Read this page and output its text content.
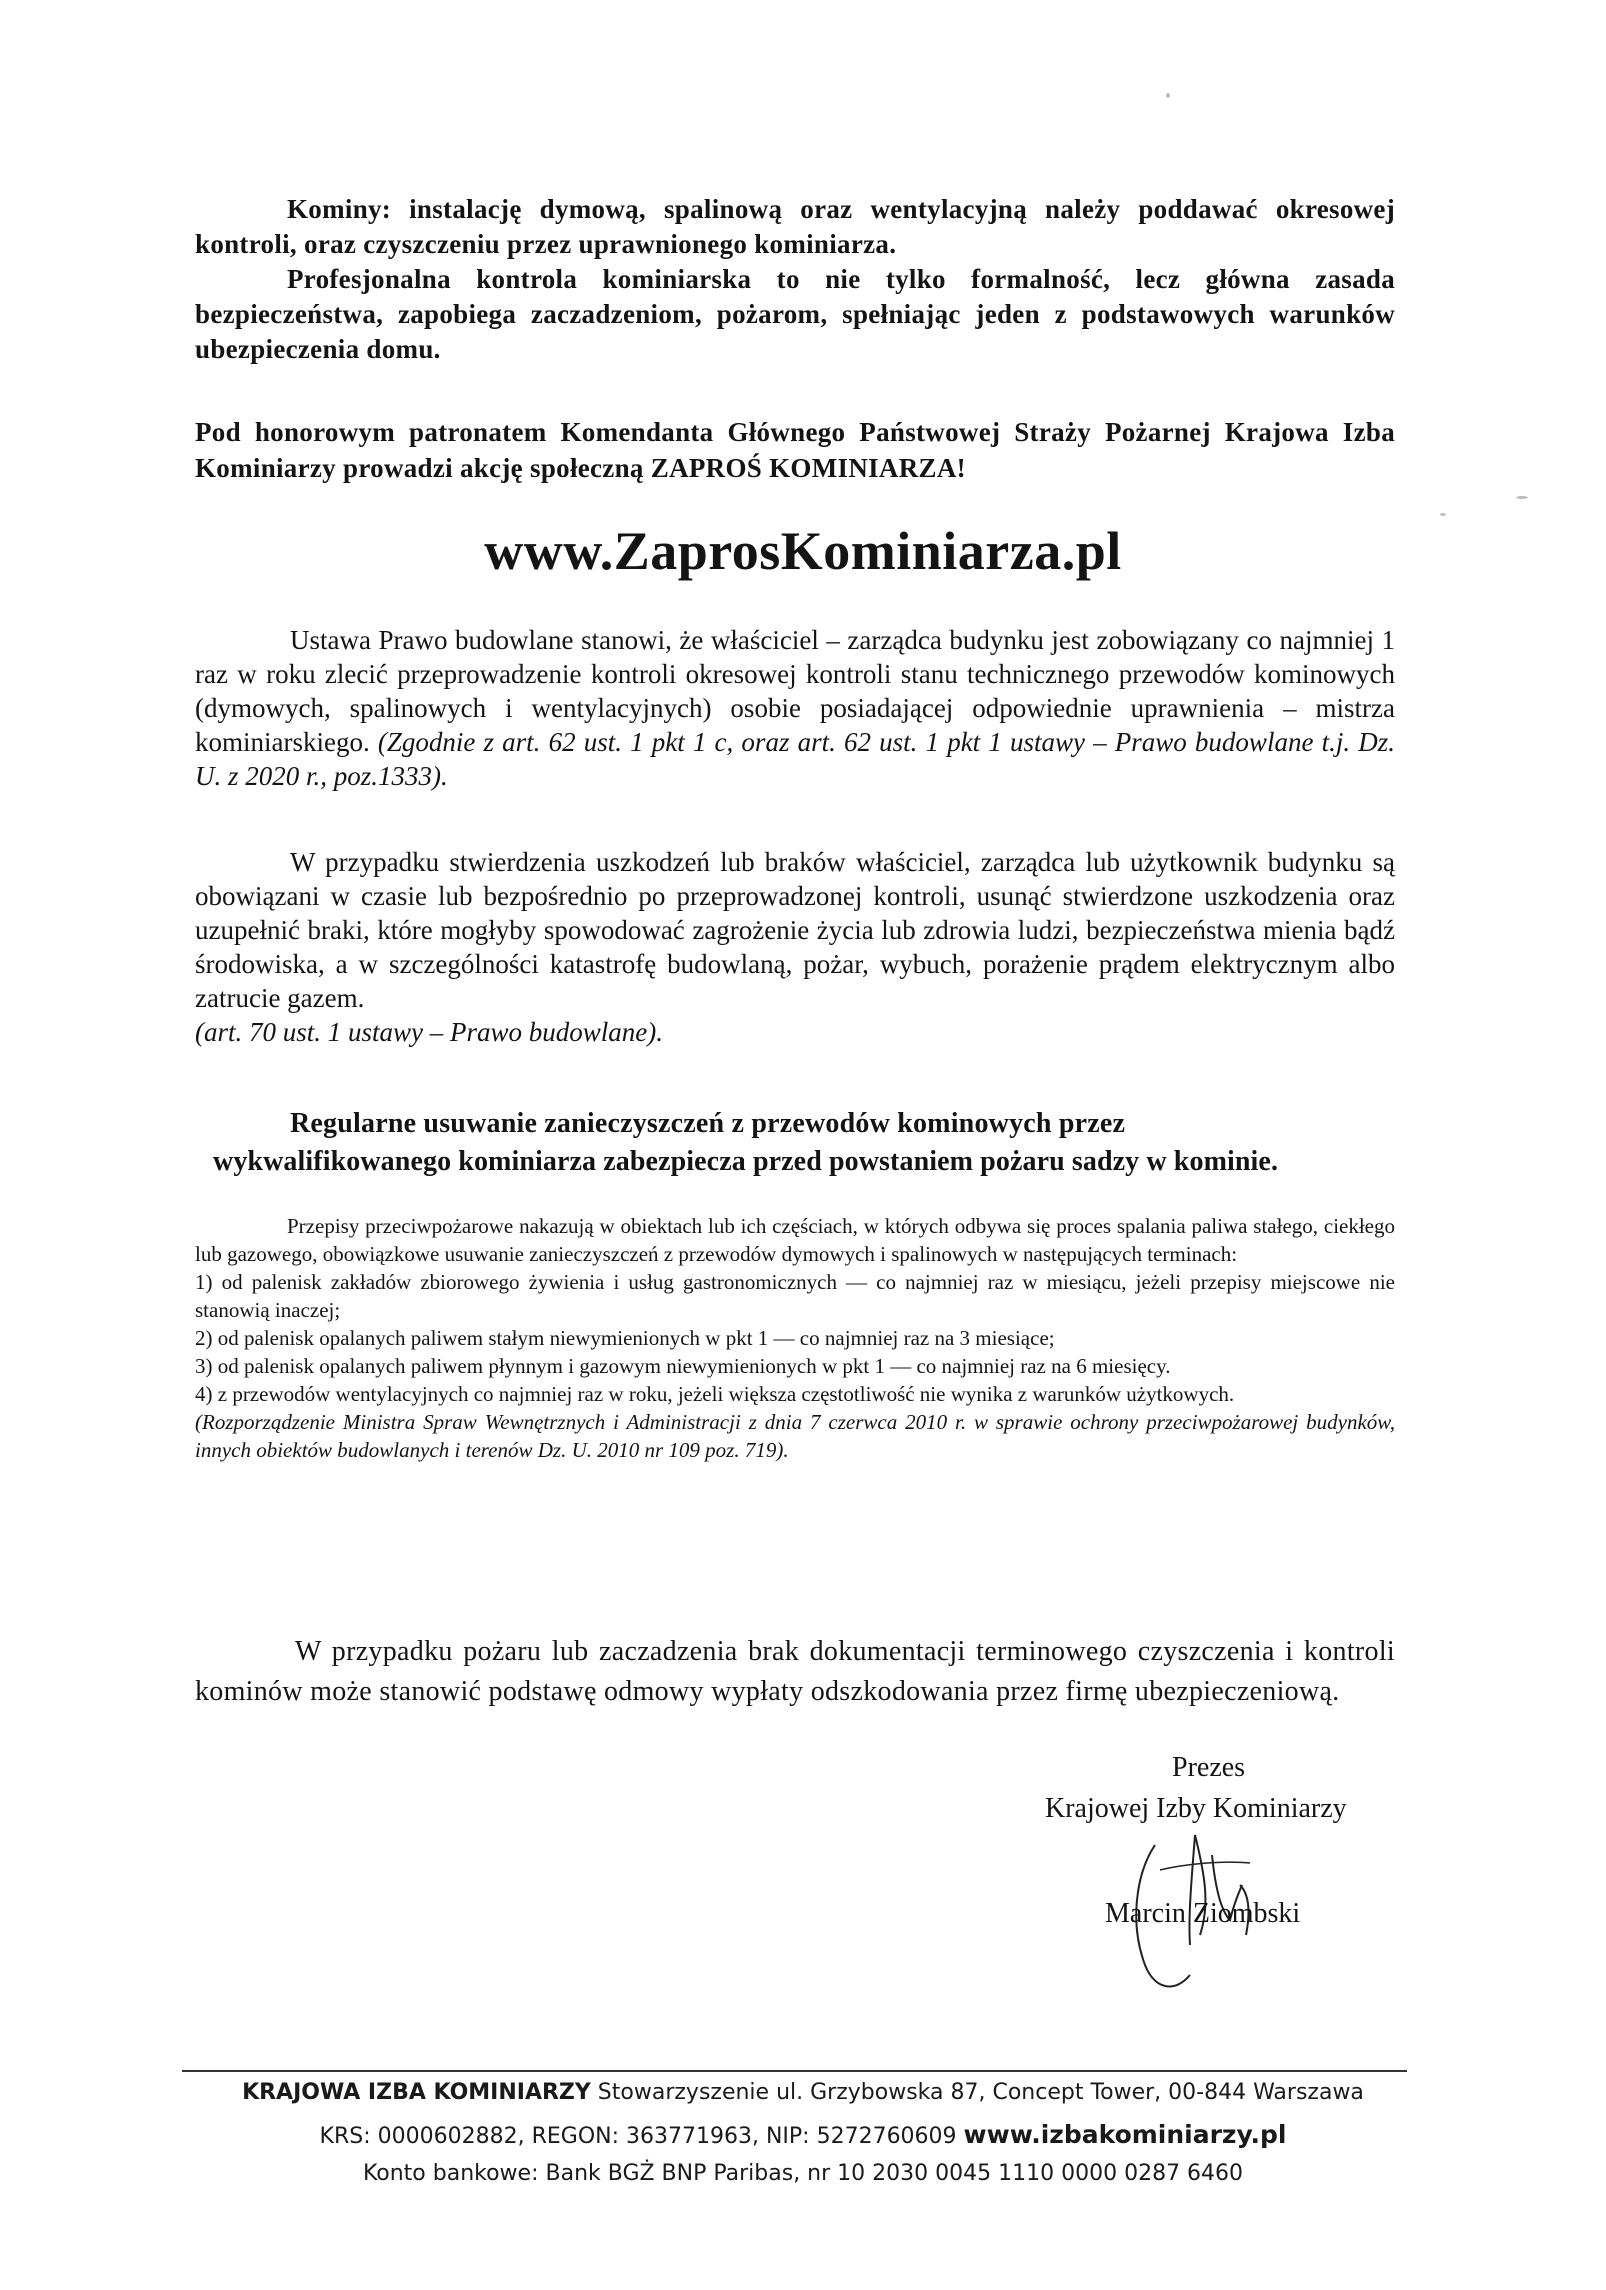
Kominy: instalację dymową, spalinową oraz wentylacyjną należy poddawać okresowej kontroli, oraz czyszczeniu przez uprawnionego kominiarza.

Profesjonalna kontrola kominiarska to nie tylko formalność, lecz główna zasada bezpieczeństwa, zapobiega zaczadzeniom, pożarom, spełniając jeden z podstawowych warunków ubezpieczenia domu.

Pod honorowym patronatem Komendanta Głównego Państwowej Straży Pożarnej Krajowa Izba Kominiarzy prowadzi akcję społeczną ZAPROŚ KOMINIARZA!
www.ZaprosKominiarza.pl

Ustawa Prawo budowlane stanowi, że właściciel – zarządca budynku jest zobowiązany co najmniej 1 raz w roku zlecić przeprowadzenie kontroli okresowej kontroli stanu technicznego przewodów kominowych (dymowych, spalinowych i wentylacyjnych) osobie posiadającej odpowiednie uprawnienia – mistrza kominiarskiego. (Zgodnie z art. 62 ust. 1 pkt 1 c, oraz art. 62 ust. 1 pkt 1 ustawy – Prawo budowlane t.j. Dz. U. z 2020 r., poz.1333).

W przypadku stwierdzenia uszkodzeń lub braków właściciel, zarządca lub użytkownik budynku są obowiązani w czasie lub bezpośrednio po przeprowadzonej kontroli, usunąć stwierdzone uszkodzenia oraz uzupełnić braki, które mogłyby spowodować zagrożenie życia lub zdrowia ludzi, bezpieczeństwa mienia bądź środowiska, a w szczególności katastrofę budowlaną, pożar, wybuch, porażenie prądem elektrycznym albo zatrucie gazem.

(art. 70 ust. 1 ustawy – Prawo budowlane).

Regularne usuwanie zanieczyszczeń z przewodów kominowych przez
wykwalifikowanego kominiarza zabezpiecza przed powstaniem pożaru sadzy w kominie.

Przepisy przeciwpożarowe nakazują w obiektach lub ich częściach, w których odbywa się proces spalania paliwa stałego, ciekłego lub gazowego, obowiązkowe usuwanie zanieczyszczeń z przewodów dymowych i spalinowych w następujących terminach:

1) od palenisk zakładów zbiorowego żywienia i usług gastronomicznych — co najmniej raz w miesiącu, jeżeli przepisy miejscowe nie stanowią inaczej;

2) od palenisk opalanych paliwem stałym niewymienionych w pkt 1 — co najmniej raz na 3 miesiące;

3) od palenisk opalanych paliwem płynnym i gazowym niewymienionych w pkt 1 — co najmniej raz na 6 miesięcy.

4) z przewodów wentylacyjnych co najmniej raz w roku, jeżeli większa częstotliwość nie wynika z warunków użytkowych.

(Rozporządzenie Ministra Spraw Wewnętrznych i Administracji z dnia 7 czerwca 2010 r. w sprawie ochrony przeciwpożarowej budynków, innych obiektów budowlanych i terenów Dz. U. 2010 nr 109 poz. 719).

W przypadku pożaru lub zaczadzenia brak dokumentacji terminowego czyszczenia i kontroli kominów może stanowić podstawę odmowy wypłaty odszkodowania przez firmę ubezpieczeniową.
Prezes
Krajowej Izby Kominiarzy
Marcin Ziombski
KRAJOWA IZBA KOMINIARZY Stowarzyszenie ul. Grzybowska 87, Concept Tower, 00-844 Warszawa
KRS: 0000602882, REGON: 363771963, NIP: 5272760609 www.izbakominiarzy.pl
Konto bankowe: Bank BGŻ BNP Paribas, nr 10 2030 0045 1110 0000 0287 6460
